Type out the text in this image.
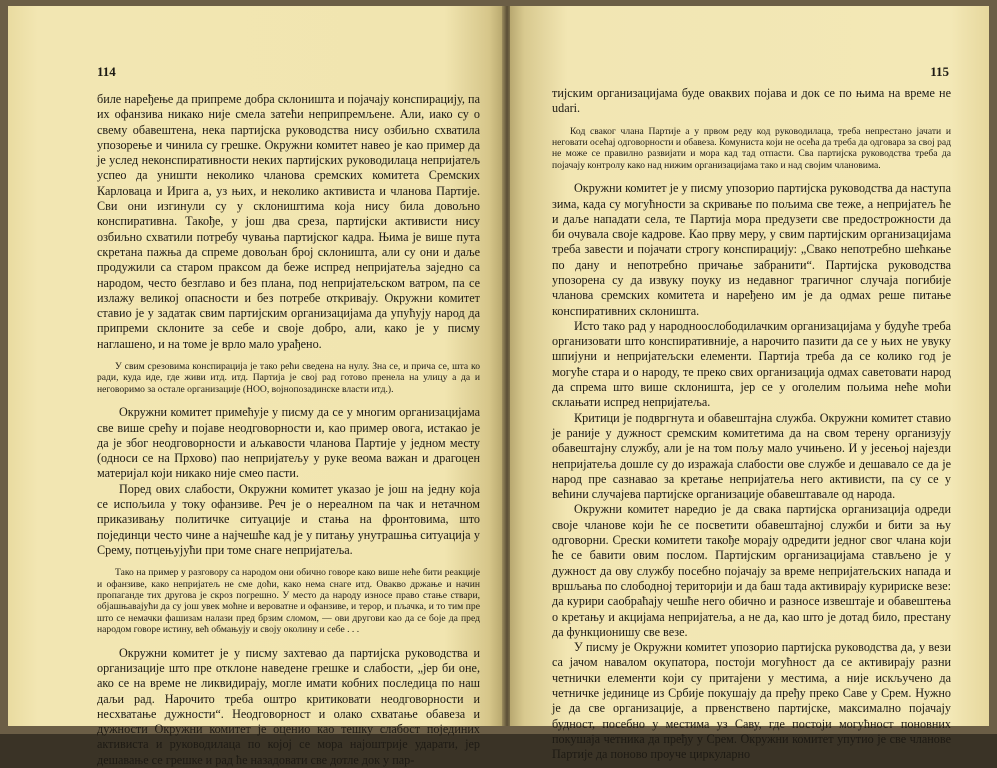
114

биле наређење да припреме добра склоништа и појачају конспирацију, па их офанзива никако није смела затећи неприпремљене. Али, иако су о свему обавештена, нека партијска руководства нису озбиљно схватила упозорење и чинила су грешке. Окружни комитет навео је као пример да је услед неконспиративности неких партијских руководилаца непријатељ успео да уништи неколико чланова сремских комитета Сремских Карловаца и Ирига а, уз њих, и неколико активиста и чланова Партије. Сви они изгинули су у склоништима која нису била довољно конспиративна. Такође, у још два среза, партијски активисти нису озбиљно схватили потребу чувања партијског кадра. Њима је више пута скретана пажња да спреме довољан број склоништа, али су они и даље продужили са старом праксом да беже испред непријатеља заједно са народом, често безглаво и без плана, под непријатељском ватром, па се излажу великој опасности и без потребе откривају. Окружни комитет ставио је у задатак свим партијским организацијама да упућују народ да припреми склоните за себе и своје добро, али, како је у писму наглашено, и на томе је врло мало урађено.

У свим срезовима конспирација је тако рећи сведена на нулу. Зна се, и прича се, шта ко ради, куда иде, где живи итд. итд. Партија је свој рад готово пренела на улицу а да и неговоримо за остале организације (НОО, војнопозадинске власти итд.).

Окружни комитет примећује у писму да се у многим организацијама све више срећу и појаве неодговорности и, као пример овога, истакао је да је због неодговорности и аљкавости чланова Партије у једном месту (односи се на Прхово) пао непријатељу у руке веома важан и драгоцен материјал који никако није смео пасти.

Поред ових слабости, Окружни комитет указао је још на једну која се испољила у току офанзиве. Реч је о нереалном па чак и нетачном приказивању политичке ситуације и стања на фронтовима, што појединци често чине а најчешће кад је у питању унутрашња ситуација у Срему, потцењујући при томе снаге непријатеља.

Тако на пример у разговору са народом они обично говоре како више неће бити реакције и офанзиве, како непријатељ не сме доћи, како нема снаге итд. Овакво држање и начин пропаганде тих другова је скроз погрешно. У место да народу износе право стање ствари, објашњавајући да су још увек моћне и вероватне и офанзиве, и терор, и пљачка, и то тим пре што се немачки фашизам налази пред брзим сломом, — ови другови кao да се боје да пред народом говоре истину, већ обмањују и своју околину и себе . . .

Окружни комитет је у писму захтевао да партијска руководства и организације што пре отклоне наведене грешке и слабости, „јер би оне, ако се на време не ликвидирају, могле имати кобних последица по наш даљи рад. Нарочито треба оштро критиковати неодговорности и несхватање дужности“. Неодговорност и олако схватање обавеза и дужности Окружни комитет је оценио као тешку слабост појединих активиста и руководилаца по којој се мора најоштрије ударати, јер дешавање се грешке и рад ће назадовати све дотле док у пар-

115

тијским организацијама буде оваквих појава и док се по њима на време не udari.

Код сваког члана Партије а у првом реду код руководилаца, треба непрестано јачати и неговати осећај одговорности и обавеза. Комуниста који не осећа да треба да одговара за свој рад не може се правилно развијати и мора кад тад отпасти. Сва партијска руководства треба да појачају контролу како над нижим организацијама тако и над својим члановима.

Окружни комитет је у писму упозорио партијска руководства да наступа зима, када су могућности за скривање по пољима све теже, а непријатељ ће и даље нападати села, те Партија мора предузети све предострожности да би очувала своје кадрове. Као прву меру, у свим партијским организацијама треба завести и појачати строгу конспирацију: „Свако непотребно шећкање по дану и непотребно причање забранити“. Партијска руководства упозорена су да извуку поуку из недавног трагичног случаја погибије чланова сремских комитета и наређено им је да одмах реше питање конспиративних склоништа.

Исто тако рад у народноослободилачким организацијама у будуће треба организовати што конспиративније, а нарочито пазити да се у њих не увуку шпијуни и непријатељски елементи. Партија треба да се колико год је могуће стара и о народу, те преко свих организација одмах саветовати народ да спрема што више склоништа, јер се у оголелим пољима неће моћи склањати испред непријатеља.

Критици је подвргнута и обавештајна служба. Окружни комитет ставио је раније у дужност сремским комитетима да на свом терену организују обавештајну службу, али је на том пољу мало учињено. И у јесењој најезди непријатеља дошле су до изражаја слабости ове службе и дешавало се да је народ пре сазнавао за кретање непријатеља него активисти, па су се у већини случајева партијске организације обавештавале од народа.

Окружни комитет наредио је да свака партијска организација одреди своје чланове који ће се посветити обавештајној служби и бити за њу одговорни. Срески комитети такође морају одредити једног свог члана који ће се бавити овим послом. Партијским организацијама стављено је у дужност да ову службу посебно појачају за време непријатељских напада и вршљања по слободној територији и да баш тада активирају куририске везе: да курири саобраћају чешће него обично и разносе извештаје и обавештења о кретању и акцијама непријатеља, а не да, као што је дотад било, престану да функционишу све везе.

У писму је Окружни комитет упозорио партијска руководства да, у вези са јачом навалом окупатора, постоји могућност да се активирају разни четнички елементи који су притајени у местима, а није искључено да четничке јединице из Србије покушају да пређу преко Саве у Срем. Нужно је да све организације, а првенствено партијске, максимално појачају будност, посебно у местима уз Саву, где постоји могућност поновних покушаја четника да пређу у Срем. Окружни комитет упутио је све чланове Партије да поново проуче циркуларно
